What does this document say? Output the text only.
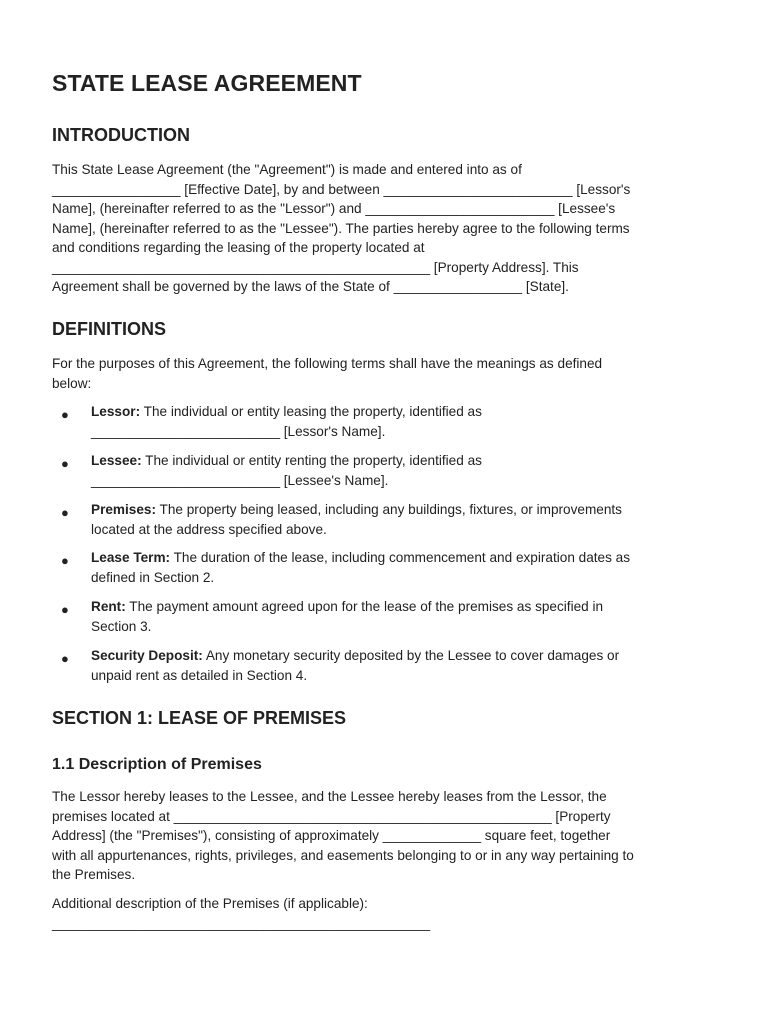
STATE LEASE AGREEMENT
INTRODUCTION

This State Lease Agreement (the "Agreement") is made and entered into as of
_________________ [Effective Date], by and between _________________________ [Lessor's
Name], (hereinafter referred to as the "Lessor") and _________________________ [Lessee's
Name], (hereinafter referred to as the "Lessee"). The parties hereby agree to the following terms
and conditions regarding the leasing of the property located at
__________________________________________________ [Property Address]. This
Agreement shall be governed by the laws of the State of _________________ [State].

DEFINITIONS

For the purposes of this Agreement, the following terms shall have the meanings as defined
below:

● Lessor: The individual or entity leasing the property, identified as
_________________________ [Lessor's Name].
● Lessee: The individual or entity renting the property, identified as
_________________________ [Lessee's Name].
● Premises: The property being leased, including any buildings, fixtures, or improvements
located at the address specified above.
● Lease Term: The duration of the lease, including commencement and expiration dates as
defined in Section 2.
● Rent: The payment amount agreed upon for the lease of the premises as specified in
Section 3.
● Security Deposit: Any monetary security deposited by the Lessee to cover damages or
unpaid rent as detailed in Section 4.
SECTION 1: LEASE OF PREMISES
1.1 Description of Premises

The Lessor hereby leases to the Lessee, and the Lessee hereby leases from the Lessor, the
premises located at __________________________________________________ [Property
Address] (the "Premises"), consisting of approximately _____________ square feet, together
with all appurtenances, rights, privileges, and easements belonging to or in any way pertaining to
the Premises.

Additional description of the Premises (if applicable):
__________________________________________________
